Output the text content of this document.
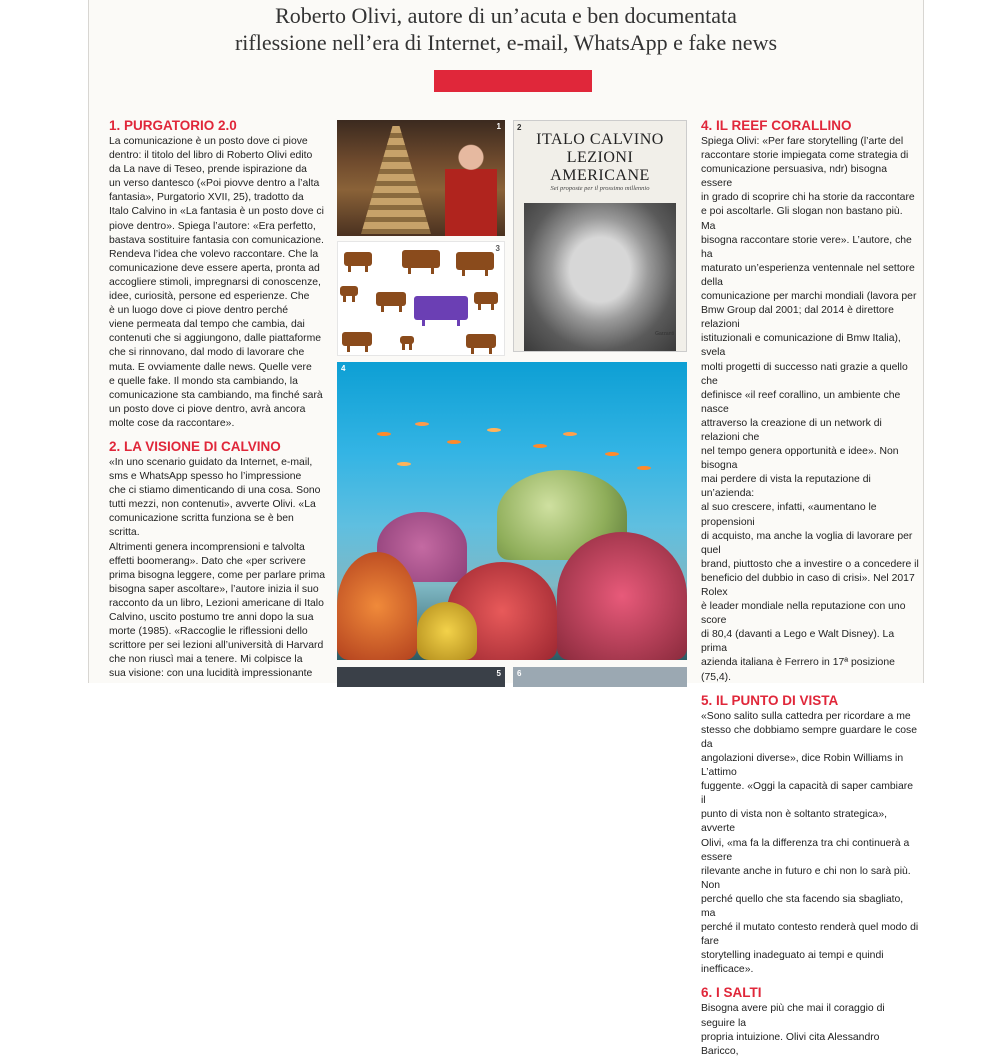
Roberto Olivi, autore di un’acuta e ben documentata
riflessione nell’era di Internet, e-mail, WhatsApp e fake news

1. PURGATORIO 2.0

La comunicazione è un posto dove ci piove
dentro: il titolo del libro di Roberto Olivi edito
da La nave di Teseo, prende ispirazione da
un verso dantesco («Poi piovve dentro a l’alta
fantasia», Purgatorio XVII, 25), tradotto da
Italo Calvino in «La fantasia è un posto dove ci
piove dentro». Spiega l’autore: «Era perfetto,
bastava sostituire fantasia con comunicazione.
Rendeva l’idea che volevo raccontare. Che la
comunicazione deve essere aperta, pronta ad
accogliere stimoli, impregnarsi di conoscenze,
idee, curiosità, persone ed esperienze. Che
è un luogo dove ci piove dentro perché
viene permeata dal tempo che cambia, dai
contenuti che si aggiungono, dalle piattaforme
che si rinnovano, dal modo di lavorare che
muta. E ovviamente dalle news. Quelle vere
e quelle fake. Il mondo sta cambiando, la
comunicazione sta cambiando, ma finché sarà
un posto dove ci piove dentro, avrà ancora
molte cose da raccontare».

2. LA VISIONE DI CALVINO

«In uno scenario guidato da Internet, e-mail,
sms e WhatsApp spesso ho l’impressione
che ci stiamo dimenticando di una cosa. Sono
tutti mezzi, non contenuti», avverte Olivi. «La
comunicazione scritta funziona se è ben scritta.
Altrimenti genera incomprensioni e talvolta
effetti boomerang». Dato che «per scrivere
prima bisogna leggere, come per parlare prima
bisogna saper ascoltare», l’autore inizia il suo
racconto da un libro, Lezioni americane di Italo
Calvino, uscito postumo tre anni dopo la sua
morte (1985). «Raccoglie le riflessioni dello
scrittore per sei lezioni all’università di Harvard
che non riuscì mai a tenere. Mi colpisce la
sua visione: con una lucidità impressionante
1 2
ITALO CALVINO
LEZIONI
AMERICANE
Sei proposte per il prossimo millennio
Garzanti
3
4
5 6

4. IL REEF CORALLINO

Spiega Olivi: «Per fare storytelling (l’arte del
raccontare storie impiegata come strategia di
comunicazione persuasiva, ndr) bisogna essere
in grado di scoprire chi ha storie da raccontare
e poi ascoltarle. Gli slogan non bastano più. Ma
bisogna raccontare storie vere». L’autore, che ha
maturato un’esperienza ventennale nel settore della
comunicazione per marchi mondiali (lavora per
Bmw Group dal 2001; dal 2014 è direttore relazioni
istituzionali e comunicazione di Bmw Italia), svela
molti progetti di successo nati grazie a quello che
definisce «il reef corallino, un ambiente che nasce
attraverso la creazione di un network di relazioni che
nel tempo genera opportunità e idee». Non bisogna
mai perdere di vista la reputazione di un’azienda:
al suo crescere, infatti, «aumentano le propensioni
di acquisto, ma anche la voglia di lavorare per quel
brand, piuttosto che a investire o a concedere il
beneficio del dubbio in caso di crisi». Nel 2017 Rolex
è leader mondiale nella reputazione con uno score
di 80,4 (davanti a Lego e Walt Disney). La prima
azienda italiana è Ferrero in 17ª posizione (75,4).

5. IL PUNTO DI VISTA

«Sono salito sulla cattedra per ricordare a me
stesso che dobbiamo sempre guardare le cose da
angolazioni diverse», dice Robin Williams in L’attimo
fuggente. «Oggi la capacità di saper cambiare il
punto di vista non è soltanto strategica», avverte
Olivi, «ma fa la differenza tra chi continuerà a essere
rilevante anche in futuro e chi non lo sarà più. Non
perché quello che sta facendo sia sbagliato, ma
perché il mutato contesto renderà quel modo di fare
storytelling inadeguato ai tempi e quindi inefficace».

6. I SALTI

Bisogna avere più che mai il coraggio di seguire la
propria intuizione. Olivi cita Alessandro Baricco,
